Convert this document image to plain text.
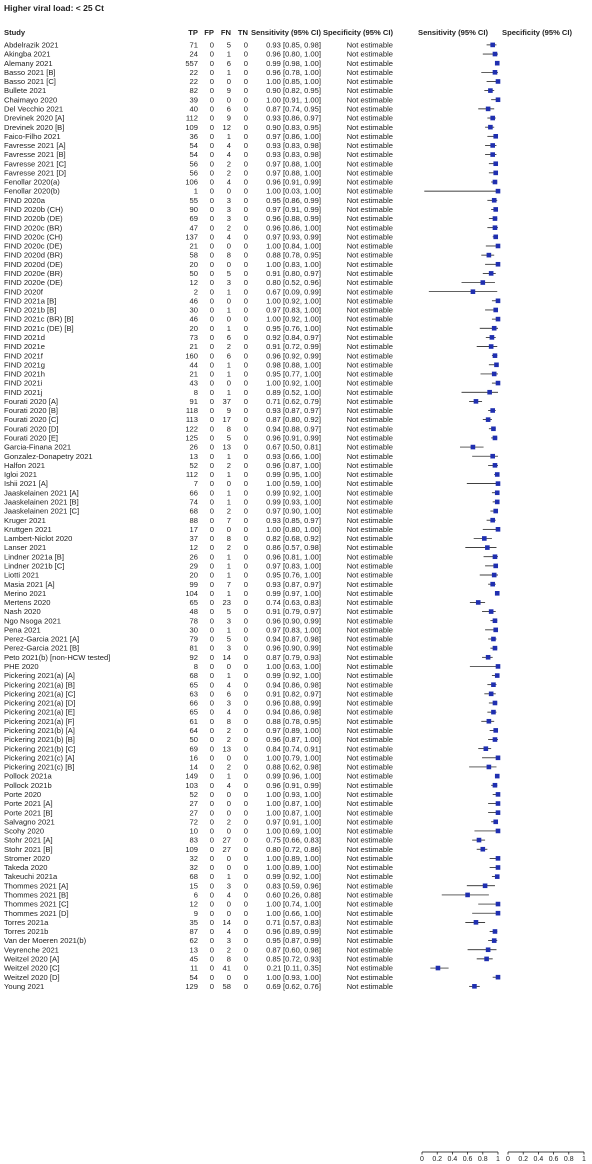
Higher viral load: < 25 Ct
Study	TP FP FN TN Sensitivity (95% CI) Specificity (95% CI)	Sensitivity (95% CI) Specificity (95% CI)
Abdelrazik 2021	71 0 5 0 0.93 [0.85, 0.98]	Not estimable
Akingba 2021	24 0 1 0 0.96 [0.80, 1.00]	Not estimable
Alemany 2021	557 0 6 0 0.99 [0.98, 1.00]	Not estimable
Basso 2021 [B]	22 0 1 0 0.96 [0.78, 1.00]	Not estimable
Basso 2021 [C]	22 0 0 0 1.00 [0.85, 1.00]	Not estimable
Bullete 2021	82 0 9 0 0.90 [0.82, 0.95]	Not estimable
Chaimayo 2020	39 0 0 0 1.00 [0.91, 1.00]	Not estimable
Del Vecchio 2021	40 0 6 0 0.87 [0.74, 0.95]	Not estimable
Drevinek 2020 [A]	112 0 9 0 0.93 [0.86, 0.97]	Not estimable
Drevinek 2020 [B]	109 0 12 0 0.90 [0.83, 0.95]	Not estimable
Faico-Filho 2021	36 0 1 0 0.97 [0.86, 1.00]	Not estimable
Favresse 2021 [A]	54 0 4 0 0.93 [0.83, 0.98]	Not estimable
Favresse 2021 [B]	54 0 4 0 0.93 [0.83, 0.98]	Not estimable
Favresse 2021 [C]	56 0 2 0 0.97 [0.88, 1.00]	Not estimable
Favresse 2021 [D]	56 0 2 0 0.97 [0.88, 1.00]	Not estimable
Fenollar 2020(a)	106 0 4 0 0.96 [0.91, 0.99]	Not estimable
Fenollar 2020(b)	1 0 0 0 1.00 [0.03, 1.00]	Not estimable
FIND 2020a	55 0 3 0 0.95 [0.86, 0.99]	Not estimable
FIND 2020b (CH)	90 0 3 0 0.97 [0.91, 0.99]	Not estimable
FIND 2020b (DE)	69 0 3 0 0.96 [0.88, 0.99]	Not estimable
FIND 2020c (BR)	47 0 2 0 0.96 [0.86, 1.00]	Not estimable
FIND 2020c (CH)	137 0 4 0 0.97 [0.93, 0.99]	Not estimable
FIND 2020c (DE)	21 0 0 0 1.00 [0.84, 1.00]	Not estimable
FIND 2020d (BR)	58 0 8 0 0.88 [0.78, 0.95]	Not estimable
FIND 2020d (DE)	20 0 0 0 1.00 [0.83, 1.00]	Not estimable
FIND 2020e (BR)	50 0 5 0 0.91 [0.80, 0.97]	Not estimable
FIND 2020e (DE)	12 0 3 0 0.80 [0.52, 0.96]	Not estimable
FIND 2020f	2 0 1 0 0.67 [0.09, 0.99]	Not estimable
FIND 2021a [B]	46 0 0 0 1.00 [0.92, 1.00]	Not estimable
FIND 2021b [B]	30 0 1 0 0.97 [0.83, 1.00]	Not estimable
FIND 2021c (BR) [B]	46 0 0 0 1.00 [0.92, 1.00]	Not estimable
FIND 2021c (DE) [B]	20 0 1 0 0.95 [0.76, 1.00]	Not estimable
FIND 2021d	73 0 6 0 0.92 [0.84, 0.97]	Not estimable
FIND 2021e	21 0 2 0 0.91 [0.72, 0.99]	Not estimable
FIND 2021f	160 0 6 0 0.96 [0.92, 0.99]	Not estimable
FIND 2021g	44 0 1 0 0.98 [0.88, 1.00]	Not estimable
FIND 2021h	21 0 1 0 0.95 [0.77, 1.00]	Not estimable
FIND 2021i	43 0 0 0 1.00 [0.92, 1.00]	Not estimable
FIND 2021j	8 0 1 0 0.89 [0.52, 1.00]	Not estimable
Fourati 2020 [A]	91 0 37 0 0.71 [0.62, 0.79]	Not estimable
Fourati 2020 [B]	118 0 9 0 0.93 [0.87, 0.97]	Not estimable
Fourati 2020 [C]	113 0 17 0 0.87 [0.80, 0.92]	Not estimable
Fourati 2020 [D]	122 0 8 0 0.94 [0.88, 0.97]	Not estimable
Fourati 2020 [E]	125 0 5 0 0.96 [0.91, 0.99]	Not estimable
Garcia-Finana 2021	26 0 13 0 0.67 [0.50, 0.81]	Not estimable
Gonzalez-Donapetry 2021	13 0 1 0 0.93 [0.66, 1.00]	Not estimable
Halfon 2021	52 0 2 0 0.96 [0.87, 1.00]	Not estimable
Igloi 2021	112 0 1 0 0.99 [0.95, 1.00]	Not estimable
Ishii 2021 [A]	7 0 0 0 1.00 [0.59, 1.00]	Not estimable
Jaaskelainen 2021 [A]	66 0 1 0 0.99 [0.92, 1.00]	Not estimable
Jaaskelainen 2021 [B]	74 0 1 0 0.99 [0.93, 1.00]	Not estimable
Jaaskelainen 2021 [C]	68 0 2 0 0.97 [0.90, 1.00]	Not estimable
Kruger 2021	88 0 7 0 0.93 [0.85, 0.97]	Not estimable
Kruttgen 2021	17 0 0 0 1.00 [0.80, 1.00]	Not estimable
Lambert-Niclot 2020	37 0 8 0 0.82 [0.68, 0.92]	Not estimable
Lanser 2021	12 0 2 0 0.86 [0.57, 0.98]	Not estimable
Lindner 2021a [B]	26 0 1 0 0.96 [0.81, 1.00]	Not estimable
Lindner 2021b [C]	29 0 1 0 0.97 [0.83, 1.00]	Not estimable
Liotti 2021	20 0 1 0 0.95 [0.76, 1.00]	Not estimable
Masia 2021 [A]	99 0 7 0 0.93 [0.87, 0.97]	Not estimable
Merino 2021	104 0 1 0 0.99 [0.97, 1.00]	Not estimable
Mertens 2020	65 0 23 0 0.74 [0.63, 0.83]	Not estimable
Nash 2020	48 0 5 0 0.91 [0.79, 0.97]	Not estimable
Ngo Nsoga 2021	78 0 3 0 0.96 [0.90, 0.99]	Not estimable
Pena 2021	30 0 1 0 0.97 [0.83, 1.00]	Not estimable
Perez-Garcia 2021 [A]	79 0 5 0 0.94 [0.87, 0.98]	Not estimable
Perez-Garcia 2021 [B]	81 0 3 0 0.96 [0.90, 0.99]	Not estimable
Peto 2021(b) [non-HCW tested]	92 0 14 0 0.87 [0.79, 0.93]	Not estimable
PHE 2020	8 0 0 0 1.00 [0.63, 1.00]	Not estimable
Pickering 2021(a) [A]	68 0 1 0 0.99 [0.92, 1.00]	Not estimable
Pickering 2021(a) [B]	65 0 4 0 0.94 [0.86, 0.98]	Not estimable
Pickering 2021(a) [C]	63 0 6 0 0.91 [0.82, 0.97]	Not estimable
Pickering 2021(a) [D]	66 0 3 0 0.96 [0.88, 0.99]	Not estimable
Pickering 2021(a) [E]	65 0 4 0 0.94 [0.86, 0.98]	Not estimable
Pickering 2021(a) [F]	61 0 8 0 0.88 [0.78, 0.95]	Not estimable
Pickering 2021(b) [A]	64 0 2 0 0.97 [0.89, 1.00]	Not estimable
Pickering 2021(b) [B]	50 0 2 0 0.96 [0.87, 1.00]	Not estimable
Pickering 2021(b) [C]	69 0 13 0 0.84 [0.74, 0.91]	Not estimable
Pickering 2021(c) [A]	16 0 0 0 1.00 [0.79, 1.00]	Not estimable
Pickering 2021(c) [B]	14 0 2 0 0.88 [0.62, 0.98]	Not estimable
Pollock 2021a	149 0 1 0 0.99 [0.96, 1.00]	Not estimable
Pollock 2021b	103 0 4 0 0.96 [0.91, 0.99]	Not estimable
Porte 2020	52 0 0 0 1.00 [0.93, 1.00]	Not estimable
Porte 2021 [A]	27 0 0 0 1.00 [0.87, 1.00]	Not estimable
Porte 2021 [B]	27 0 0 0 1.00 [0.87, 1.00]	Not estimable
Salvagno 2021	72 0 2 0 0.97 [0.91, 1.00]	Not estimable
Scohy 2020	10 0 0 0 1.00 [0.69, 1.00]	Not estimable
Stohr 2021 [A]	83 0 27 0 0.75 [0.66, 0.83]	Not estimable
Stohr 2021 [B]	109 0 27 0 0.80 [0.72, 0.86]	Not estimable
Stromer 2020	32 0 0 0 1.00 [0.89, 1.00]	Not estimable
Takeda 2020	32 0 0 0 1.00 [0.89, 1.00]	Not estimable
Takeuchi 2021a	68 0 1 0 0.99 [0.92, 1.00]	Not estimable
Thommes 2021 [A]	15 0 3 0 0.83 [0.59, 0.96]	Not estimable
Thommes 2021 [B]	6 0 4 0 0.60 [0.26, 0.88]	Not estimable
Thommes 2021 [C]	12 0 0 0 1.00 [0.74, 1.00]	Not estimable
Thommes 2021 [D]	9 0 0 0 1.00 [0.66, 1.00]	Not estimable
Torres 2021a	35 0 14 0 0.71 [0.57, 0.83]	Not estimable
Torres 2021b	87 0 4 0 0.96 [0.89, 0.99]	Not estimable
Van der Moeren 2021(b)	62 0 3 0 0.95 [0.87, 0.99]	Not estimable
Veyrenche 2021	13 0 2 0 0.87 [0.60, 0.98]	Not estimable
Weitzel 2020 [A]	45 0 8 0 0.85 [0.72, 0.93]	Not estimable
Weitzel 2020 [C]	11 0 41 0 0.21 [0.11, 0.35]	Not estimable
Weitzel 2020 [D]	54 0 0 0 1.00 [0.93, 1.00]	Not estimable
Young 2021	129 0 58 0 0.69 [0.62, 0.76]	Not estimable
0 0.2 0.4 0.6 0.8 1 0 0.2 0.4 0.6 0.8 1
